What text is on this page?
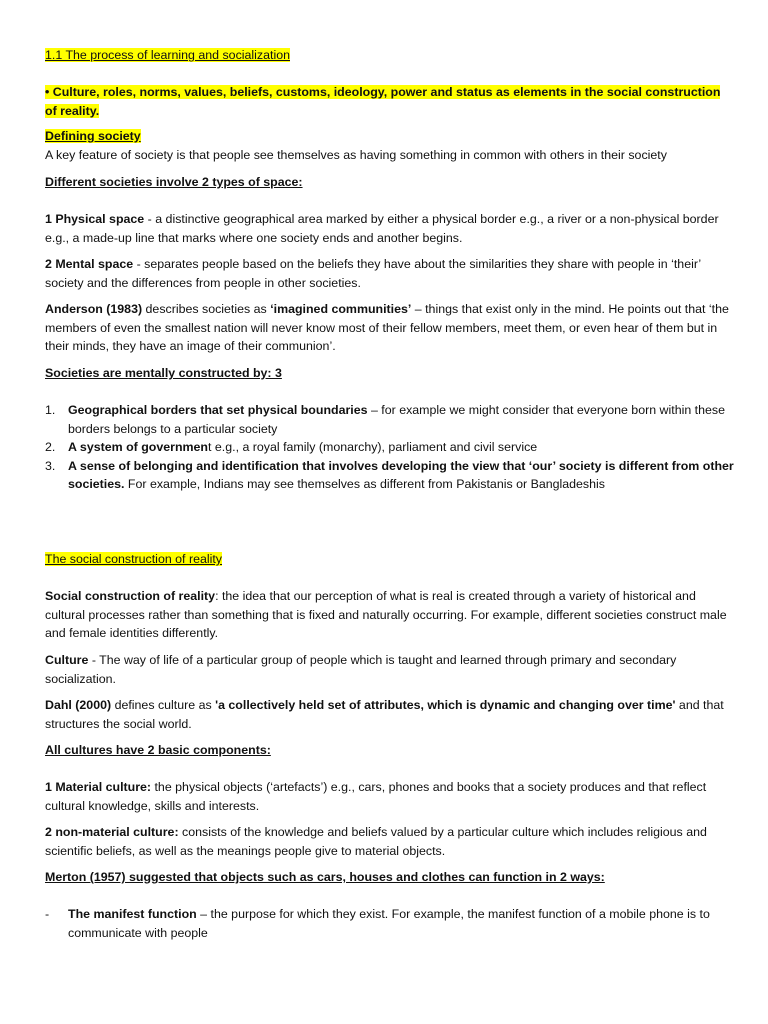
1.1 The process of learning and socialization

• Culture, roles, norms, values, beliefs, customs, ideology, power and status as elements in the social construction of reality.

Defining society

A key feature of society is that people see themselves as having something in common with others in their society

Different societies involve 2 types of space:

1 Physical space - a distinctive geographical area marked by either a physical border e.g., a river or a non-physical border e.g., a made-up line that marks where one society ends and another begins.

2 Mental space - separates people based on the beliefs they have about the similarities they share with people in ‘their’ society and the differences from people in other societies.

Anderson (1983) describes societies as ‘imagined communities’ – things that exist only in the mind. He points out that ‘the members of even the smallest nation will never know most of their fellow members, meet them, or even hear of them but in their minds, they have an image of their communion’.

Societies are mentally constructed by: 3

1. Geographical borders that set physical boundaries – for example we might consider that everyone born within these borders belongs to a particular society
2. A system of government e.g., a royal family (monarchy), parliament and civil service
3. A sense of belonging and identification that involves developing the view that ‘our’ society is different from other societies. For example, Indians may see themselves as different from Pakistanis or Bangladeshis

The social construction of reality

Social construction of reality: the idea that our perception of what is real is created through a variety of historical and cultural processes rather than something that is fixed and naturally occurring. For example, different societies construct male and female identities differently.

Culture - The way of life of a particular group of people which is taught and learned through primary and secondary socialization.

Dahl (2000) defines culture as 'a collectively held set of attributes, which is dynamic and changing over time' and that structures the social world.

All cultures have 2 basic components:

1 Material culture: the physical objects (‘artefacts’) e.g., cars, phones and books that a society produces and that reflect cultural knowledge, skills and interests.

2 non-material culture: consists of the knowledge and beliefs valued by a particular culture which includes religious and scientific beliefs, as well as the meanings people give to material objects.

Merton (1957) suggested that objects such as cars, houses and clothes can function in 2 ways:

- The manifest function – the purpose for which they exist. For example, the manifest function of a mobile phone is to communicate with people
